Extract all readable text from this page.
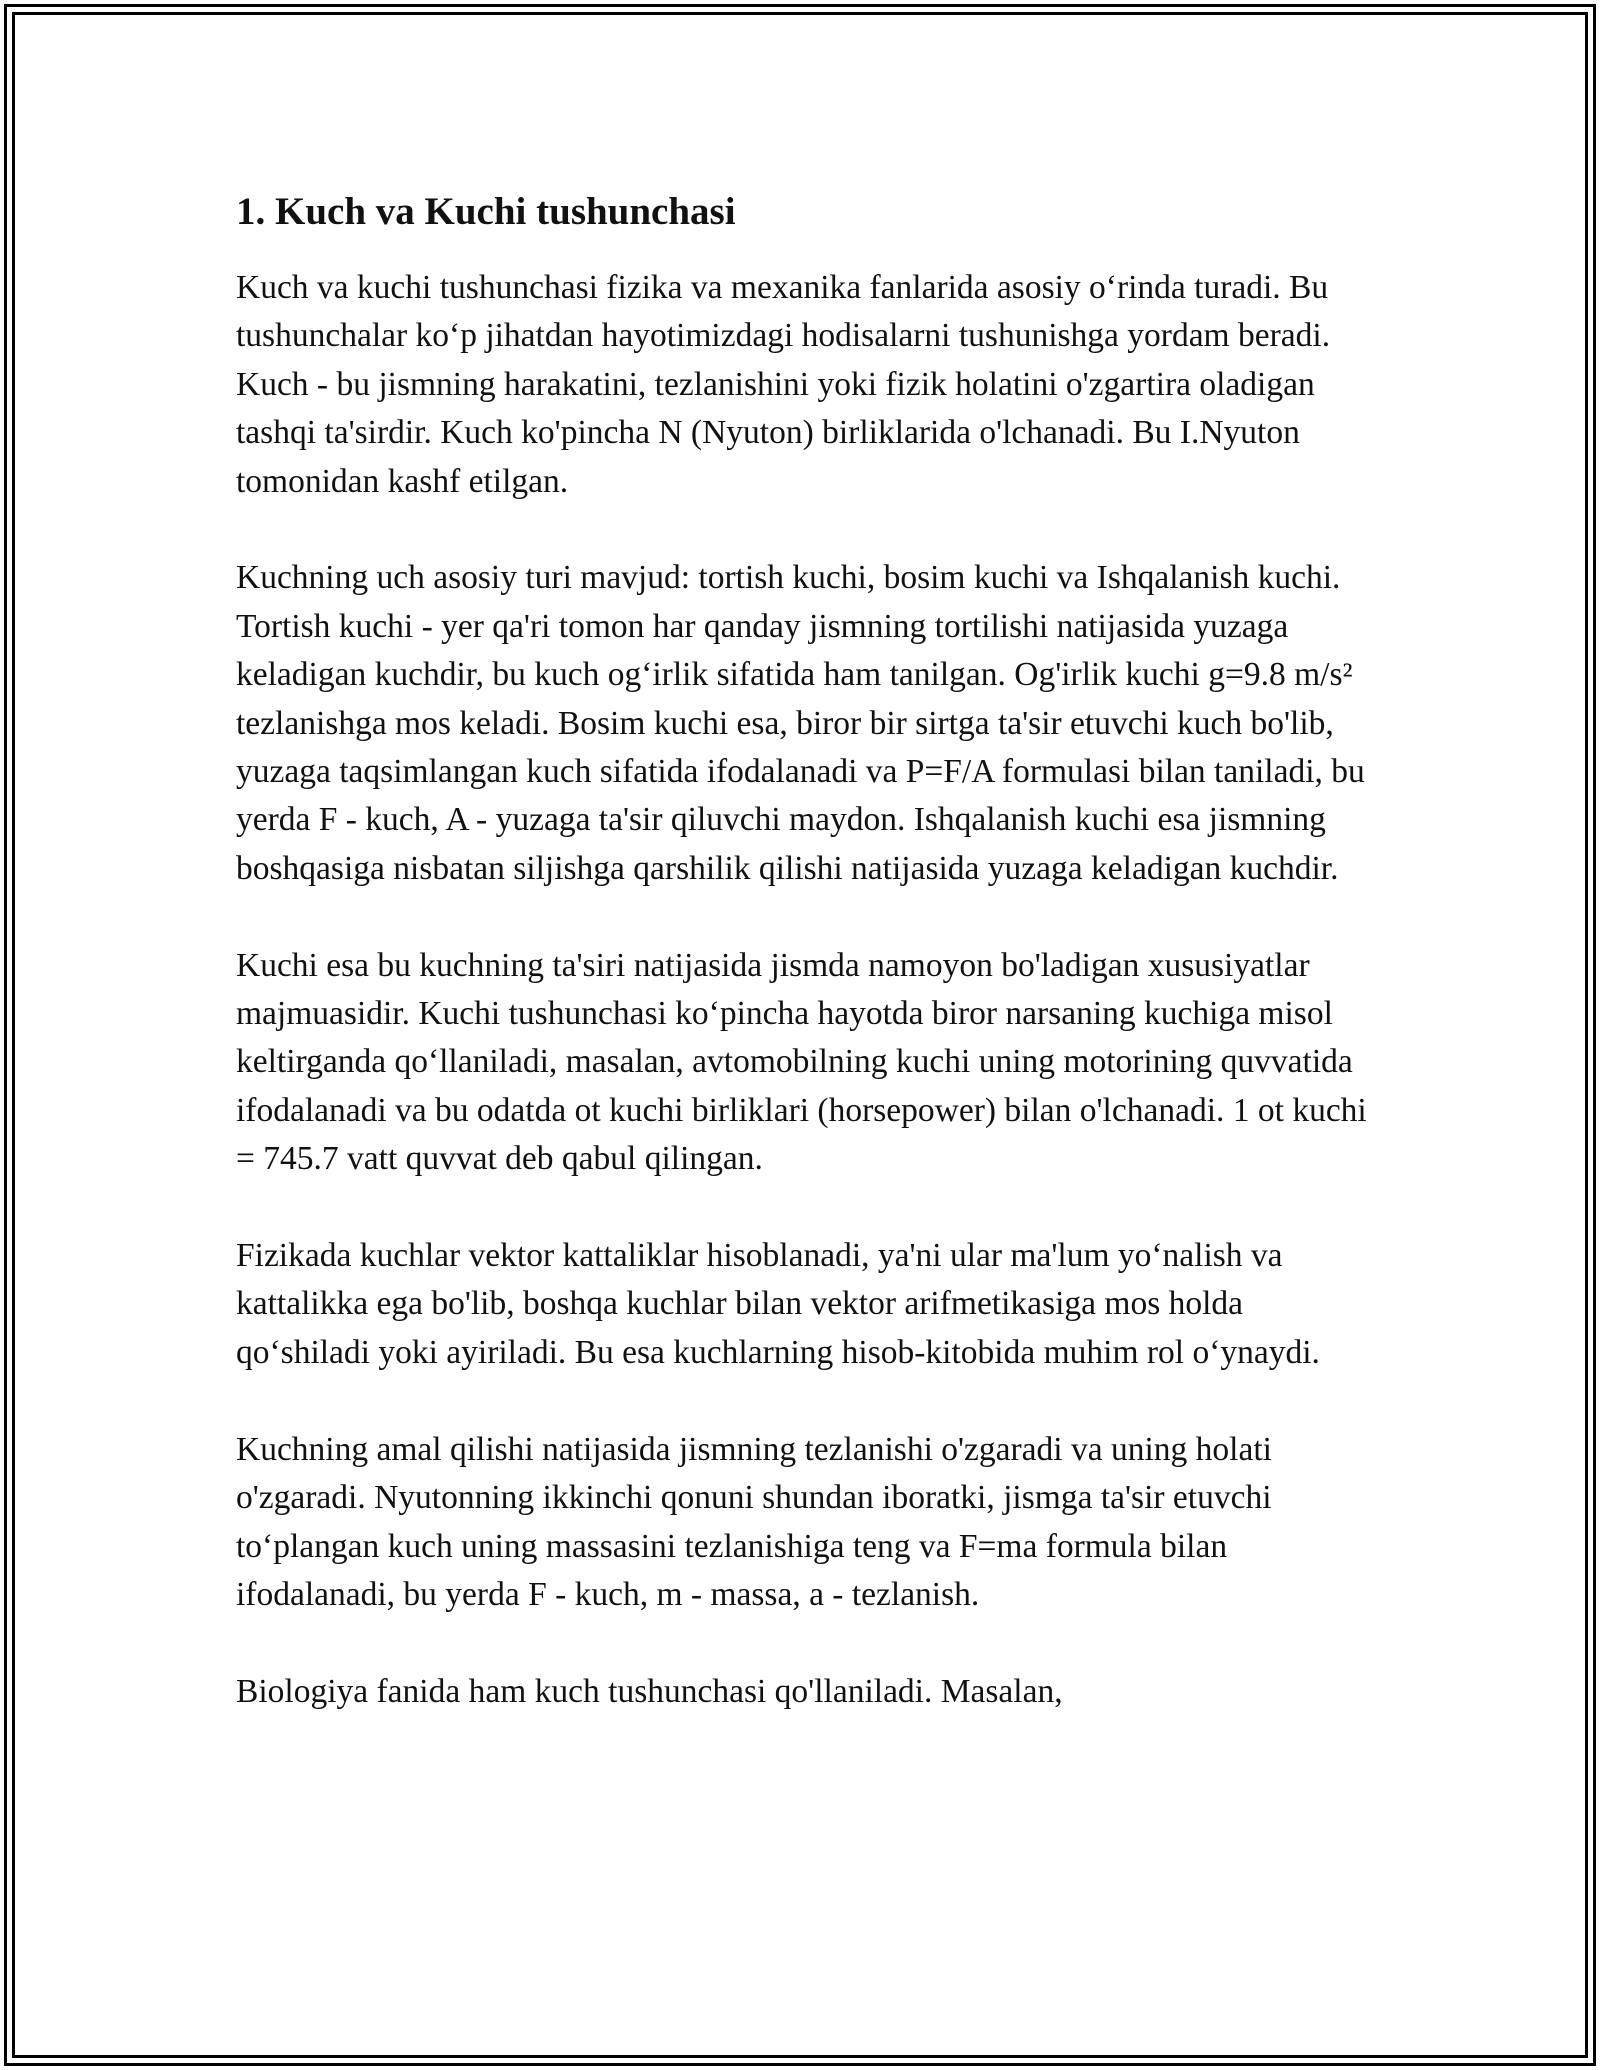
1. Kuch va Kuchi tushunchasi

Kuch va kuchi tushunchasi fizika va mexanika fanlarida asosiy o‘rinda turadi. Bu tushunchalar ko‘p jihatdan hayotimizdagi hodisalarni tushunishga yordam beradi. Kuch - bu jismning harakatini, tezlanishini yoki fizik holatini o'zgartira oladigan tashqi ta'sirdir. Kuch ko'pincha N (Nyuton) birliklarida o'lchanadi. Bu I.Nyuton tomonidan kashf etilgan.

Kuchning uch asosiy turi mavjud: tortish kuchi, bosim kuchi va Ishqalanish kuchi. Tortish kuchi - yer qa'ri tomon har qanday jismning tortilishi natijasida yuzaga keladigan kuchdir, bu kuch og‘irlik sifatida ham tanilgan. Og'irlik kuchi g=9.8 m/s² tezlanishga mos keladi. Bosim kuchi esa, biror bir sirtga ta'sir etuvchi kuch bo'lib, yuzaga taqsimlangan kuch sifatida ifodalanadi va P=F/A formulasi bilan taniladi, bu yerda F - kuch, A - yuzaga ta'sir qiluvchi maydon. Ishqalanish kuchi esa jismning boshqasiga nisbatan siljishga qarshilik qilishi natijasida yuzaga keladigan kuchdir.

Kuchi esa bu kuchning ta'siri natijasida jismda namoyon bo'ladigan xususiyatlar majmuasidir. Kuchi tushunchasi ko‘pincha hayotda biror narsaning kuchiga misol keltirganda qo‘llaniladi, masalan, avtomobilning kuchi uning motorining quvvatida ifodalanadi va bu odatda ot kuchi birliklari (horsepower) bilan o'lchanadi. 1 ot kuchi = 745.7 vatt quvvat deb qabul qilingan.

Fizikada kuchlar vektor kattaliklar hisoblanadi, ya'ni ular ma'lum yo‘nalish va kattalikka ega bo'lib, boshqa kuchlar bilan vektor arifmetikasiga mos holda qo‘shiladi yoki ayiriladi. Bu esa kuchlarning hisob-kitobida muhim rol o‘ynaydi.

Kuchning amal qilishi natijasida jismning tezlanishi o'zgaradi va uning holati o'zgaradi. Nyutonning ikkinchi qonuni shundan iboratki, jismga ta'sir etuvchi to‘plangan kuch uning massasini tezlanishiga teng va F=ma formula bilan ifodalanadi, bu yerda F - kuch, m - massa, a - tezlanish.

Biologiya fanida ham kuch tushunchasi qo'llaniladi. Masalan,
